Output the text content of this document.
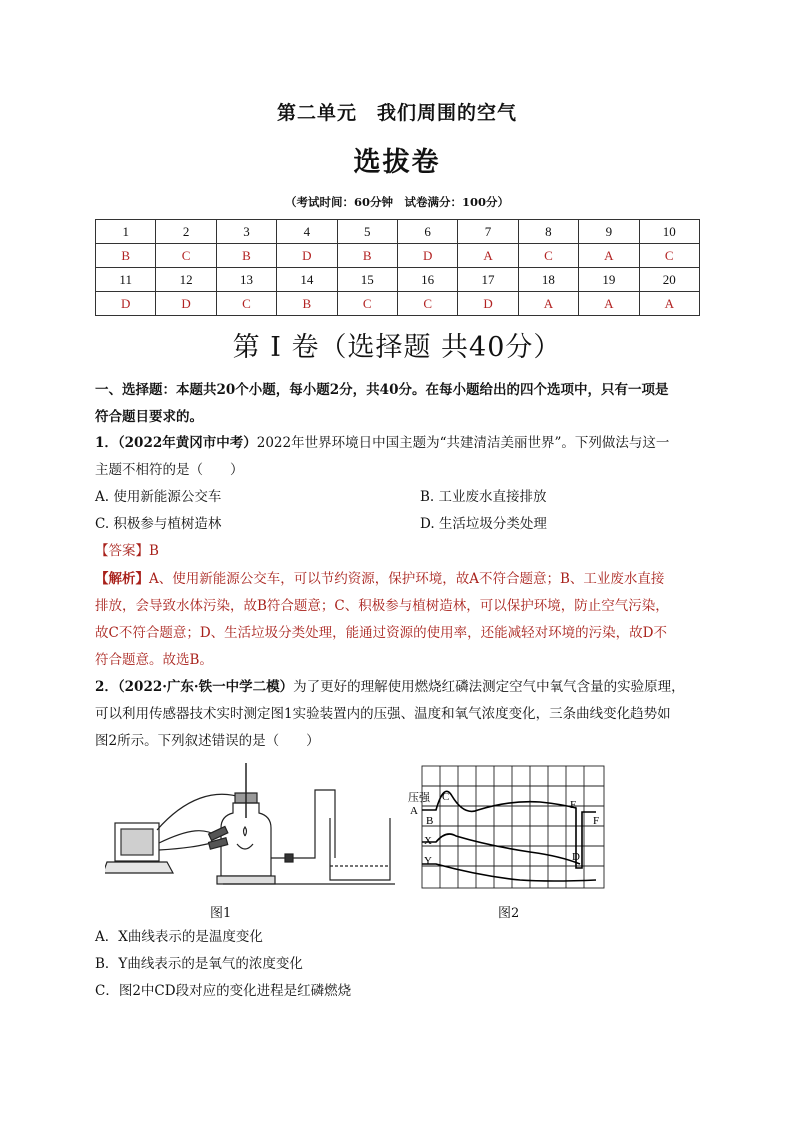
第二单元　我们周围的空气
选拔卷
（考试时间：60分钟　试卷满分：100分）
1	2	3	4	5	6	7	8	9	10
B	C	B	D	B	D	A	C	A	C
11	12	13	14	15	16	17	18	19	20
D	D	C	B	C	C	D	A	A	A
第 I 卷（选择题 共40分）
一、选择题：本题共20个小题，每小题2分，共40分。在每小题给出的四个选项中，只有一项是
符合题目要求的。
1．（2022年黄冈市中考）2022年世界环境日中国主题为“共建清洁美丽世界”。下列做法与这一
主题不相符的是（　　）
A. 使用新能源公交车	B. 工业废水直接排放
C. 积极参与植树造林	D. 生活垃圾分类处理
【答案】B
【解析】A、使用新能源公交车，可以节约资源，保护环境，故A不符合题意；B、工业废水直接
排放，会导致水体污染，故B符合题意；C、积极参与植树造林，可以保护环境，防止空气污染，
故C不符合题意；D、生活垃圾分类处理，能通过资源的使用率，还能减轻对环境的污染，故D不
符合题意。故选B。
2．（2022·广东·铁一中学二模）为了更好的理解使用燃烧红磷法测定空气中氧气含量的实验原理，
可以利用传感器技术实时测定图1实验装置内的压强、温度和氧气浓度变化，三条曲线变化趋势如
图2所示。下列叙述错误的是（　　）
图1
压强
A
B
C
X
Y	D
E
F
图2
A．X曲线表示的是温度变化
B．Y曲线表示的是氧气的浓度变化
C．图2中CD段对应的变化进程是红磷燃烧
